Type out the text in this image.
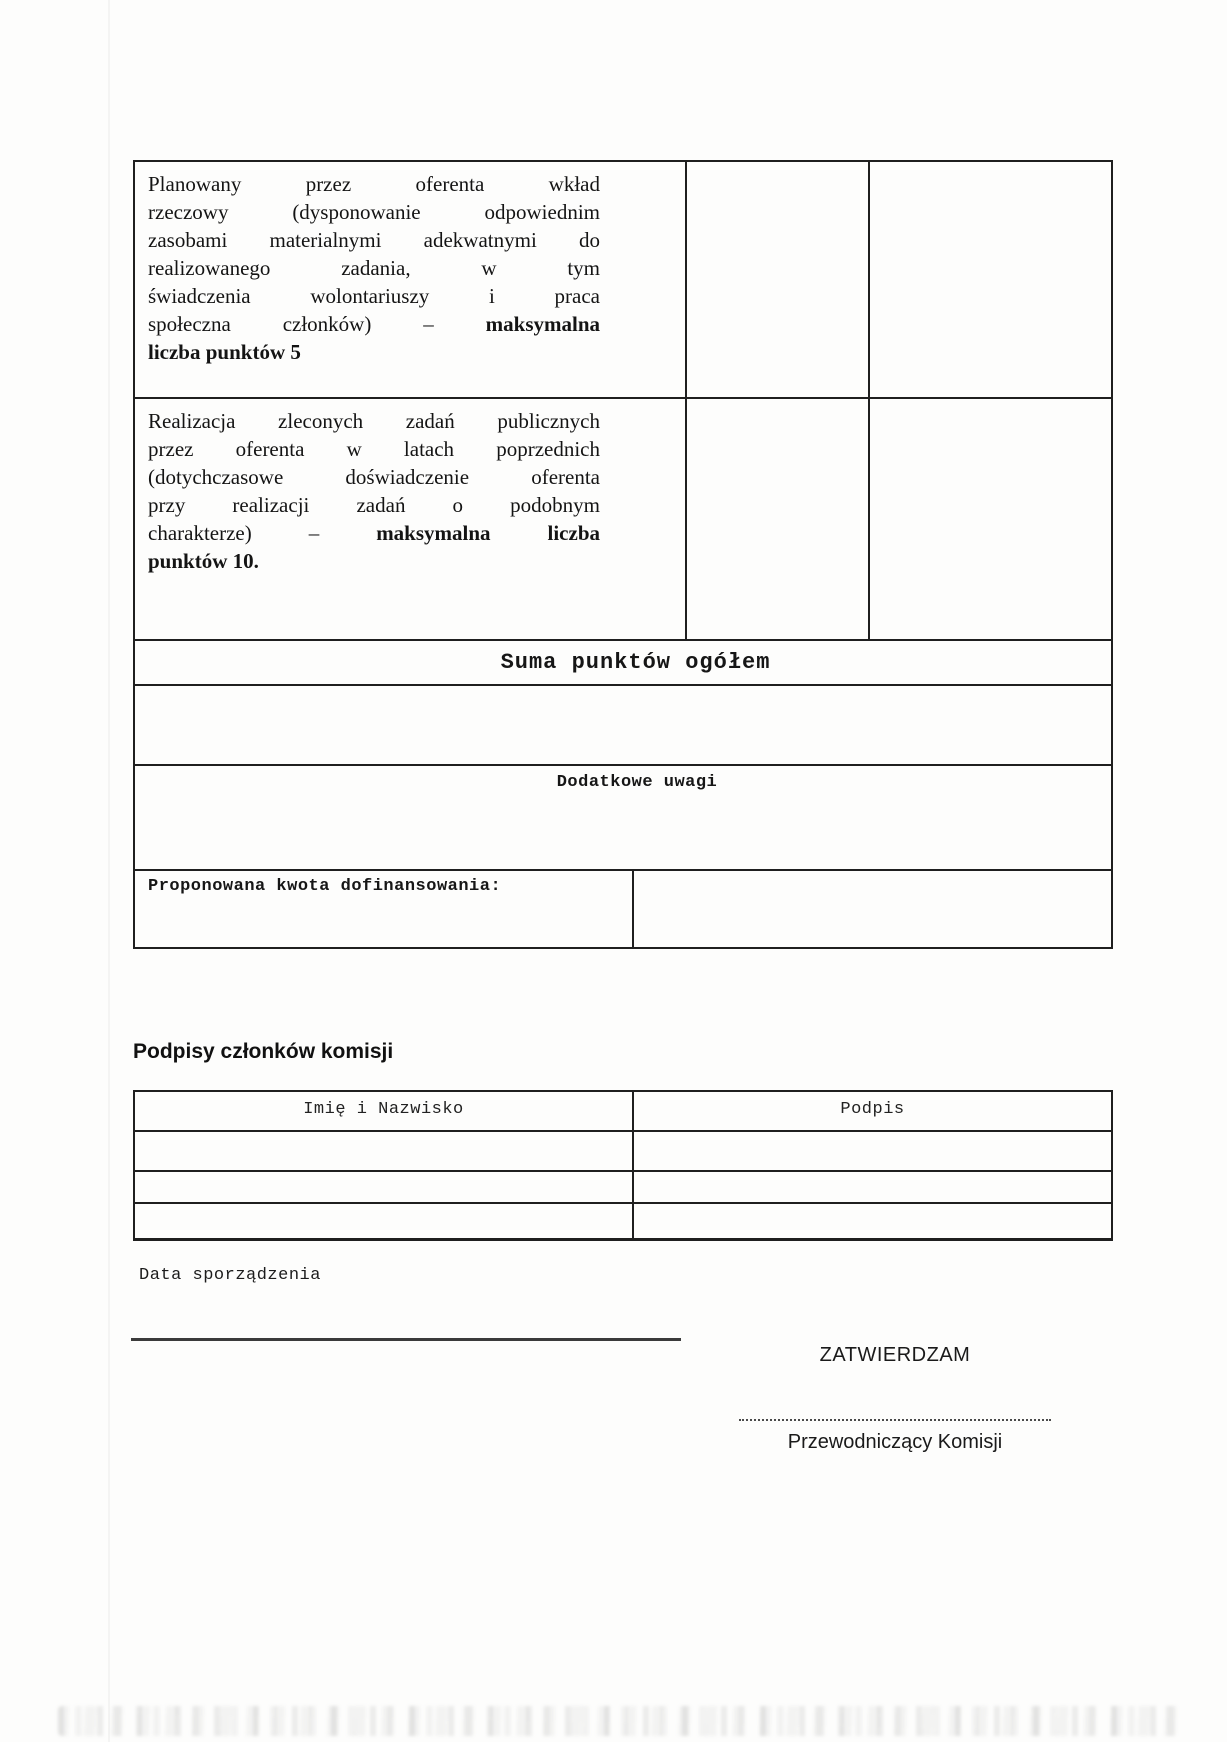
Planowany przez oferenta wkład
rzeczowy (dysponowanie odpowiednim
zasobami materialnymi adekwatnymi do
realizowanego zadania, w tym
świadczenia wolontariuszy i praca
społeczna członków) – maksymalna
liczba punktów 5
Realizacja zleconych zadań publicznych
przez oferenta w latach poprzednich
(dotychczasowe doświadczenie oferenta
przy realizacji zadań o podobnym
charakterze) –	maksymalna liczba
punktów 10.
Suma punktów ogółem
Dodatkowe uwagi
Proponowana kwota dofinansowania:
Podpisy członków komisji
Imię i Nazwisko	Podpis
Data sporządzenia
ZATWIERDZAM
Przewodniczący Komisji
